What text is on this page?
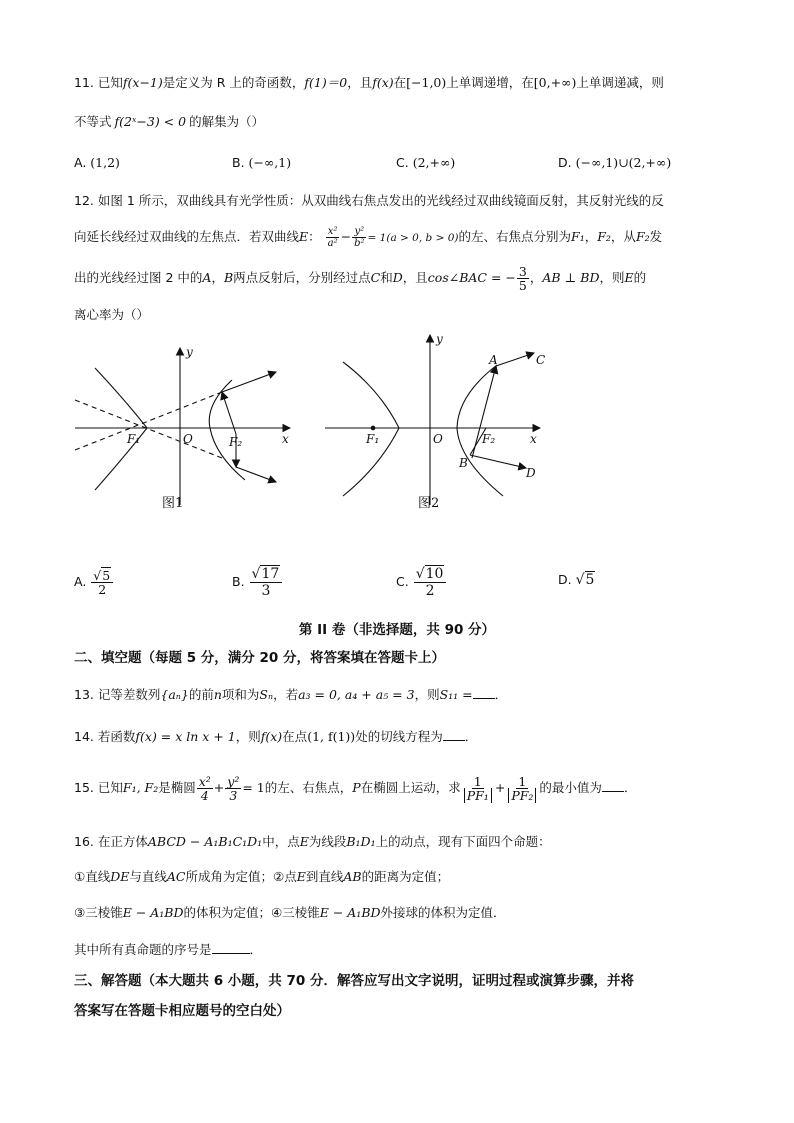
11. 已知f(x−1)是定义为 R 上的奇函数，f(1)＝0，且f(x)在[−1,0)上单调递增，在[0,+∞)上单调递减，则
不等式 f(2ˣ−3) < 0 的解集为（）
A. (1,2)	B. (−∞,1)	C. (2,+∞)	D. (−∞,1)∪(2,+∞)
12. 如图 1 所示，双曲线具有光学性质：从双曲线右焦点发出的光线经过双曲线镜面反射，其反射光线的反
向延长线经过双曲线的左焦点．若双曲线E： $\frac{\text{x²}}{\text{a²}} - \frac{\text{y²}}{\text{b²}} = 1(a > 0$, b > 0)的左、右焦点分别为F₁，F₂，从F₂发
出的光线经过图 2 中的A，B两点反射后，分别经过点C和D，且cos∠BAC = − $\frac{3}{5}$ ，AB ⊥ BD，则E的
离心率为（）
F₁	O	F₂	x
y
图1
F₁	O	F₂	x
y
A	C
B
D
图2
A. $\frac{√5}{2}$	B. $\frac{√17}{3}$	C. $\frac{√10}{2}$	D. √5
第 II 卷（非选择题，共 90 分）
二、填空题（每题 5 分，满分 20 分，将答案填在答题卡上）
13. 记等差数列{aₙ}的前n项和为Sₙ，若a₃ = 0, a₄ + a₅ = 3，则S₁₁ = ．
14. 若函数f(x) = x ln x + 1，则f(x)在点(1, f(1))处的切线方程为 ．
15. 已知F₁, F₂是椭圆 $\frac{\text{x²}}{4} + \frac{\text{y²}}{3} = 1$的左、右焦点，P在椭圆上运动，求 $\frac{1}{\text{PF₁}} + \frac{1}{\text{PF₂}}$ 的最小值为 ．
16. 在正方体ABCD − A₁B₁C₁D₁中，点E为线段B₁D₁上的动点，现有下面四个命题：
①直线DE与直线AC所成角为定值；②点E到直线AB的距离为定值；
③三棱锥E − A₁BD的体积为定值；④三棱锥E − A₁BD外接球的体积为定值．
其中所有真命题的序号是	．
三、解答题（本大题共 6 小题，共 70 分．解答应写出文字说明，证明过程或演算步骤，并将
答案写在答题卡相应题号的空白处）
